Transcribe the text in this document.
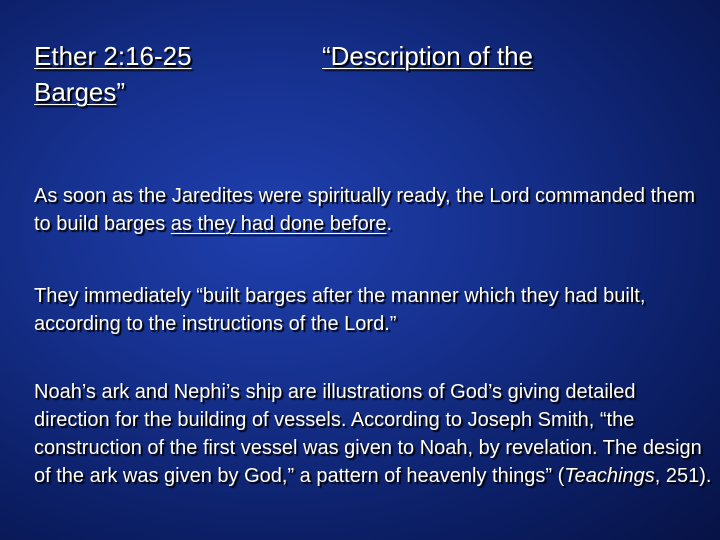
Ether 2:16-25
Barges”
“Description of the
As soon as the Jaredites were spiritually ready, the Lord commanded them to build barges as they had done before.
They immediately “built barges after the manner which they had built, according to the instructions of the Lord.”
Noah’s ark and Nephi’s ship are illustrations of God’s giving detailed direction for the building of vessels. According to Joseph Smith, “the construction of the first vessel was given to Noah, by revelation. The design of the ark was given by God,” a pattern of heavenly things” (Teachings, 251).
